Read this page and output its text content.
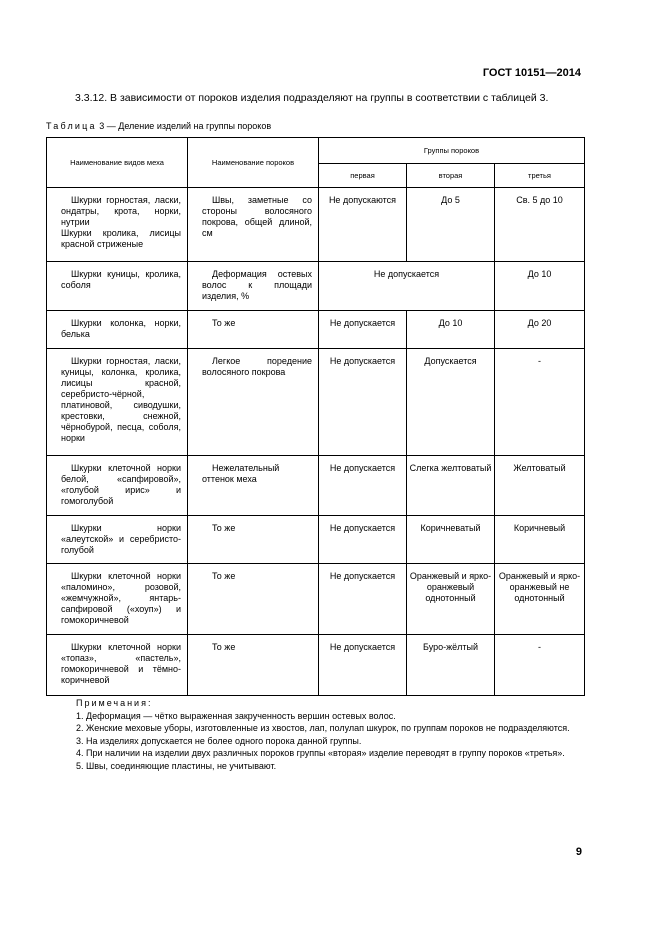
ГОСТ 10151—2014
3.3.12. В зависимости от пороков изделия подразделяют на группы в соответствии с таблицей 3.
Таблица 3 — Деление изделий на группы пороков
Наименование видов меха	Наименование пороков	Группы пороков		
		первая	вторая	третья
Шкурки горностая, ласки, ондатры, крота, норки, нутрии
Шкурки кролика, лисицы красной стриженые	Швы, заметные со стороны волосяного покрова, общей длиной, см	Не допускаются	До 5	Св. 5 до 10
Шкурки куницы, кролика, соболя	Деформация остевых волос к площади изделия, %	Не допускается		До 10
Шкурки колонка, норки, белька	То же	Не допускается	До 10	До 20
Шкурки горностая, ласки, куницы, колонка, кролика, лисицы красной, серебристо-чёрной, платиновой, сиводушки, крестовки, снежной, чёрнобурой, песца, соболя, норки	Легкое поредение волосяного покрова	Не допускается	Допускается	-
Шкурки клеточной норки белой, «сапфировой», «голубой ирис» и гомоголубой	Нежелательный оттенок меха	Не допускается	Слегка желтоватый	Желтоватый
Шкурки норки «алеутской» и серебристо-голубой	То же	Не допускается	Коричневатый	Коричневый
Шкурки клеточной норки «паломино», розовой, «жемчужной», янтарь-сапфировой («хоуп») и гомокоричневой	То же	Не допускается	Оранжевый и ярко-оранжевый однотонный	Оранжевый и ярко-оранжевый не однотонный
Шкурки клеточной норки «топаз», «пастель», гомокоричневой и тёмнокоричневой	То же	Не допускается	Буро-жёлтый	-
Примечания:

1. Деформация — чётко выраженная закрученность вершин остевых волос.

2. Женские меховые уборы, изготовленные из хвостов, лап, полулап шкурок, по группам пороков не подразделяются.

3. На изделиях допускается не более одного порока данной группы.

4. При наличии на изделии двух различных пороков группы «вторая» изделие переводят в группу пороков «третья».

5. Швы, соединяющие пластины, не учитывают.

9
